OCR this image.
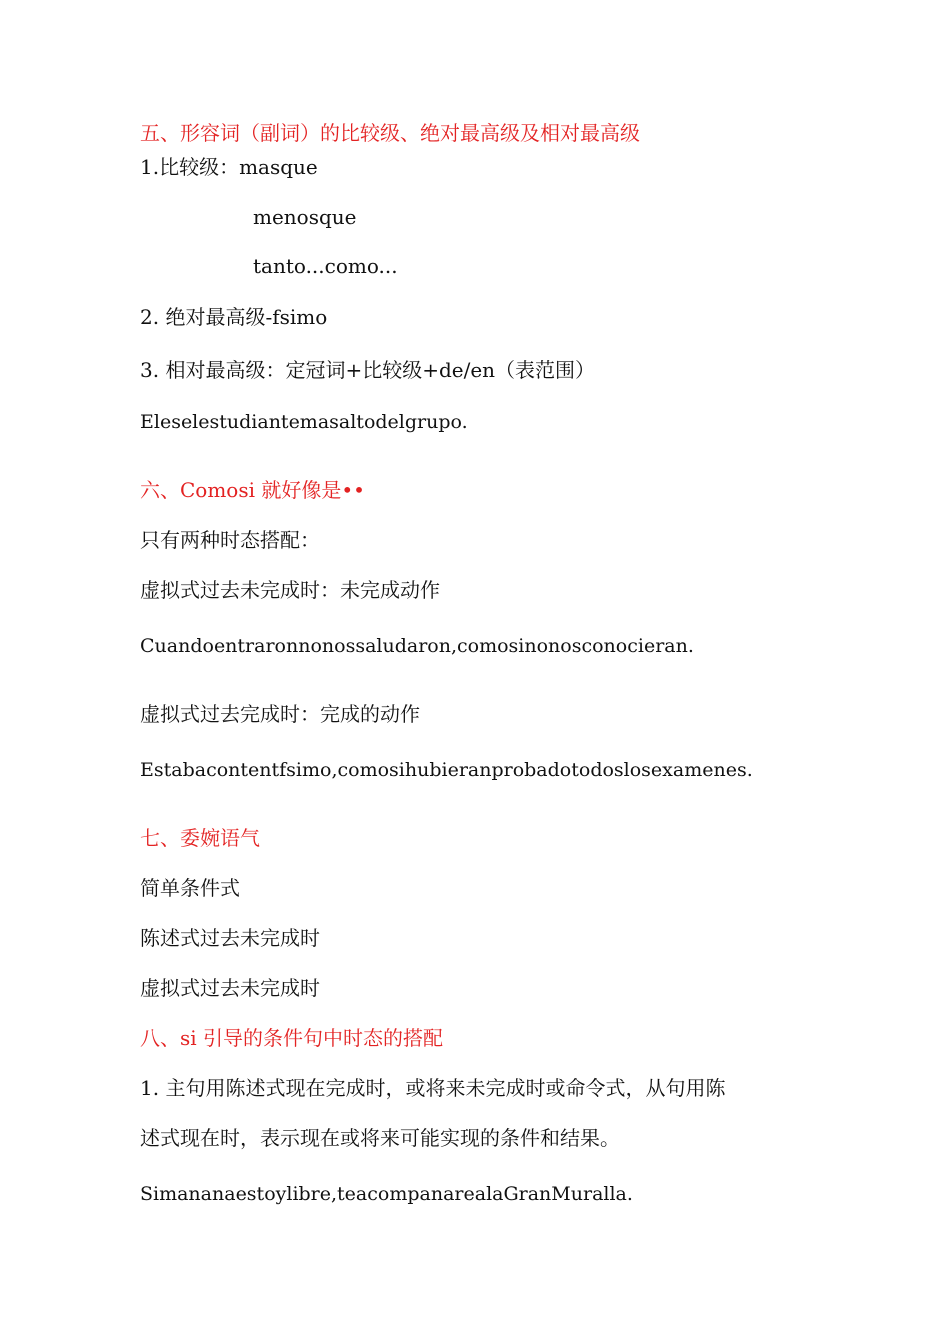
五、形容词（副词）的比较级、绝对最高级及相对最高级
1.比较级：masque
menosque
tanto...como...
2. 绝对最高级-fsimo
3. 相对最高级：定冠词+比较级+de/en（表范围）
Eleselestudiantemasaltodelgrupo.
六、Comosi 就好像是••
只有两种时态搭配：
虚拟式过去未完成时：未完成动作
Cuandoentraronnonossaludaron,comosinonosconocieran.
虚拟式过去完成时：完成的动作
Estabacontentfsimo,comosihubieranprobadotodoslosexamenes.
七、委婉语气
简单条件式
陈述式过去未完成时
虚拟式过去未完成时
八、si 引导的条件句中时态的搭配
1. 主句用陈述式现在完成时，或将来未完成时或命令式，从句用陈
述式现在时，表示现在或将来可能实现的条件和结果。
Simananaestoylibre,teacompanarealaGranMuralla.
